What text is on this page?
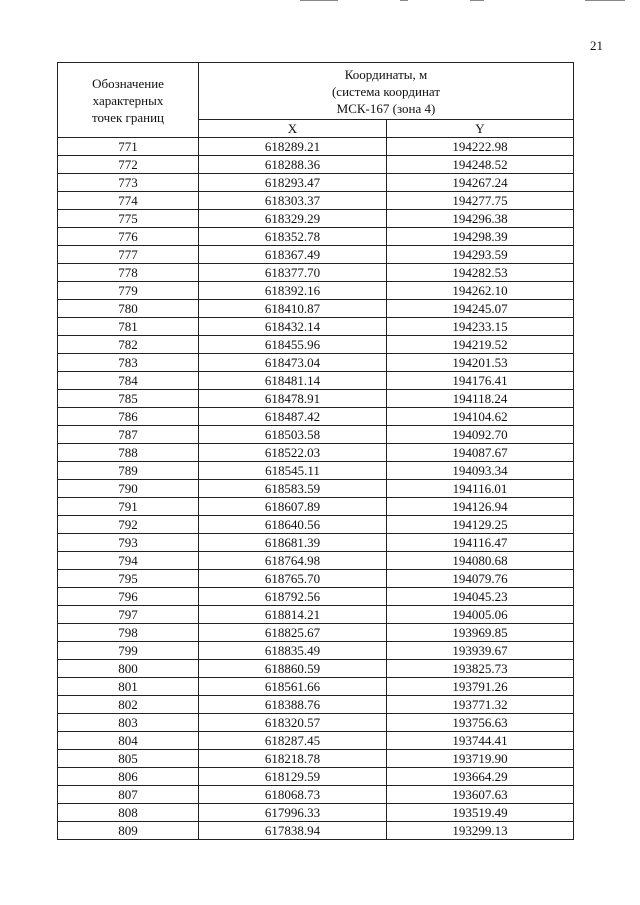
21
Обозначение
характерных
точек границ	Координаты, м
(система координат
МСК-167 (зона 4)	

	X	Y
771	618289.21	194222.98
772	618288.36	194248.52
773	618293.47	194267.24
774	618303.37	194277.75
775	618329.29	194296.38
776	618352.78	194298.39
777	618367.49	194293.59
778	618377.70	194282.53
779	618392.16	194262.10
780	618410.87	194245.07
781	618432.14	194233.15
782	618455.96	194219.52
783	618473.04	194201.53
784	618481.14	194176.41
785	618478.91	194118.24
786	618487.42	194104.62
787	618503.58	194092.70
788	618522.03	194087.67
789	618545.11	194093.34
790	618583.59	194116.01
791	618607.89	194126.94
792	618640.56	194129.25
793	618681.39	194116.47
794	618764.98	194080.68
795	618765.70	194079.76
796	618792.56	194045.23
797	618814.21	194005.06
798	618825.67	193969.85
799	618835.49	193939.67
800	618860.59	193825.73
801	618561.66	193791.26
802	618388.76	193771.32
803	618320.57	193756.63
804	618287.45	193744.41
805	618218.78	193719.90
806	618129.59	193664.29
807	618068.73	193607.63
808	617996.33	193519.49
809	617838.94	193299.13
